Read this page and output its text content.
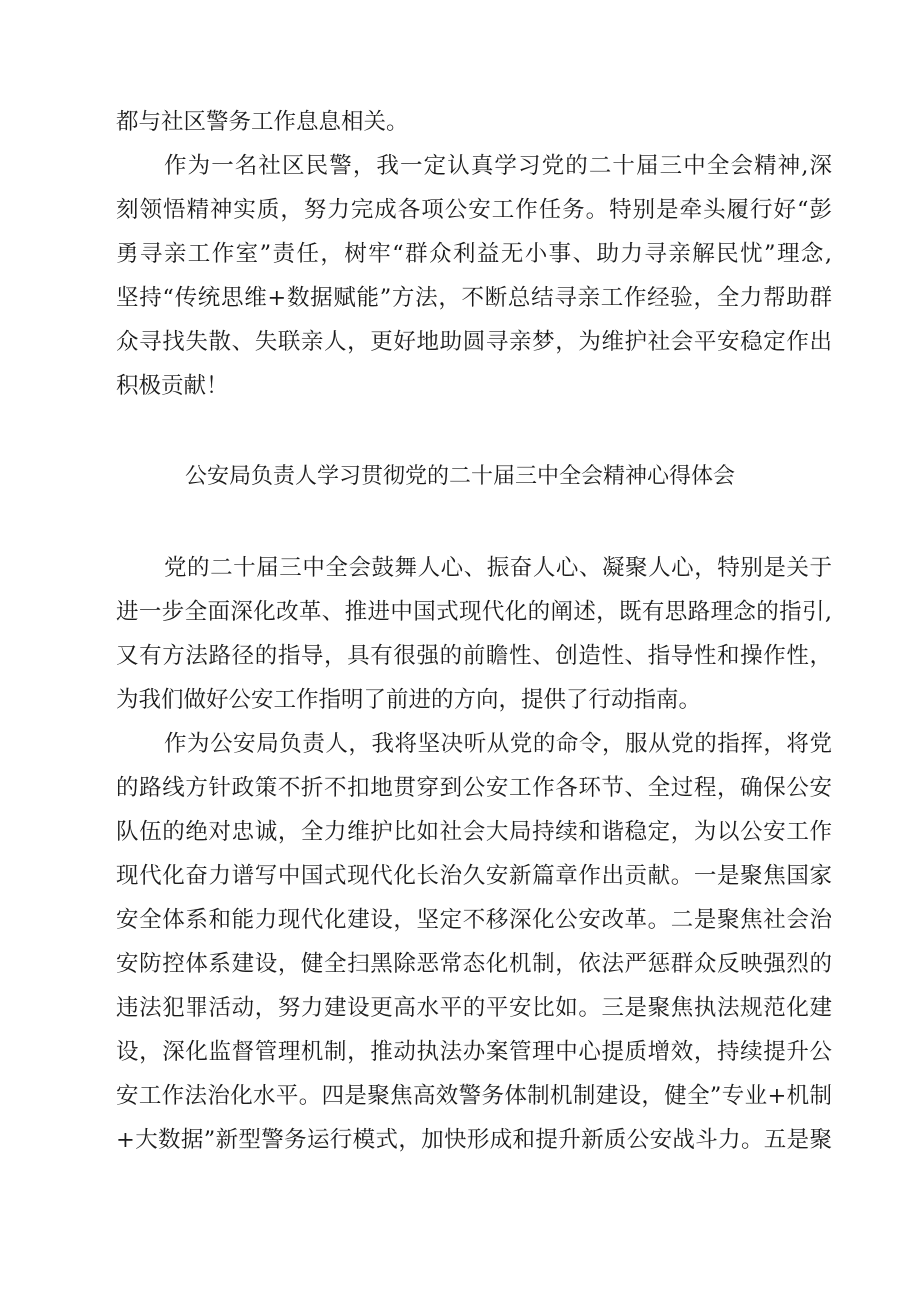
都与社区警务工作息息相关。
作为一名社区民警，我一定认真学习党的二十届三中全会精神,深
刻领悟精神实质，努力完成各项公安工作任务。特别是牵头履行好“彭
勇寻亲工作室”责任，树牢“群众利益无小事、助力寻亲解民忧”理念,
坚持“传统思维+数据赋能”方法，不断总结寻亲工作经验，全力帮助群
众寻找失散、失联亲人，更好地助圆寻亲梦，为维护社会平安稳定作出
积极贡献！
公安局负责人学习贯彻党的二十届三中全会精神心得体会
党的二十届三中全会鼓舞人心、振奋人心、凝聚人心，特别是关于
进一步全面深化改革、推进中国式现代化的阐述，既有思路理念的指引,
又有方法路径的指导，具有很强的前瞻性、创造性、指导性和操作性，
为我们做好公安工作指明了前进的方向，提供了行动指南。
作为公安局负责人，我将坚决听从党的命令，服从党的指挥，将党
的路线方针政策不折不扣地贯穿到公安工作各环节、全过程，确保公安
队伍的绝对忠诚，全力维护比如社会大局持续和谐稳定，为以公安工作
现代化奋力谱写中国式现代化长治久安新篇章作出贡献。一是聚焦国家
安全体系和能力现代化建设，坚定不移深化公安改革。二是聚焦社会治
安防控体系建设，健全扫黑除恶常态化机制，依法严惩群众反映强烈的
违法犯罪活动，努力建设更高水平的平安比如。三是聚焦执法规范化建
设，深化监督管理机制，推动执法办案管理中心提质增效，持续提升公
安工作法治化水平。四是聚焦高效警务体制机制建设，健全”专业+机制
+大数据”新型警务运行模式，加快形成和提升新质公安战斗力。五是聚
